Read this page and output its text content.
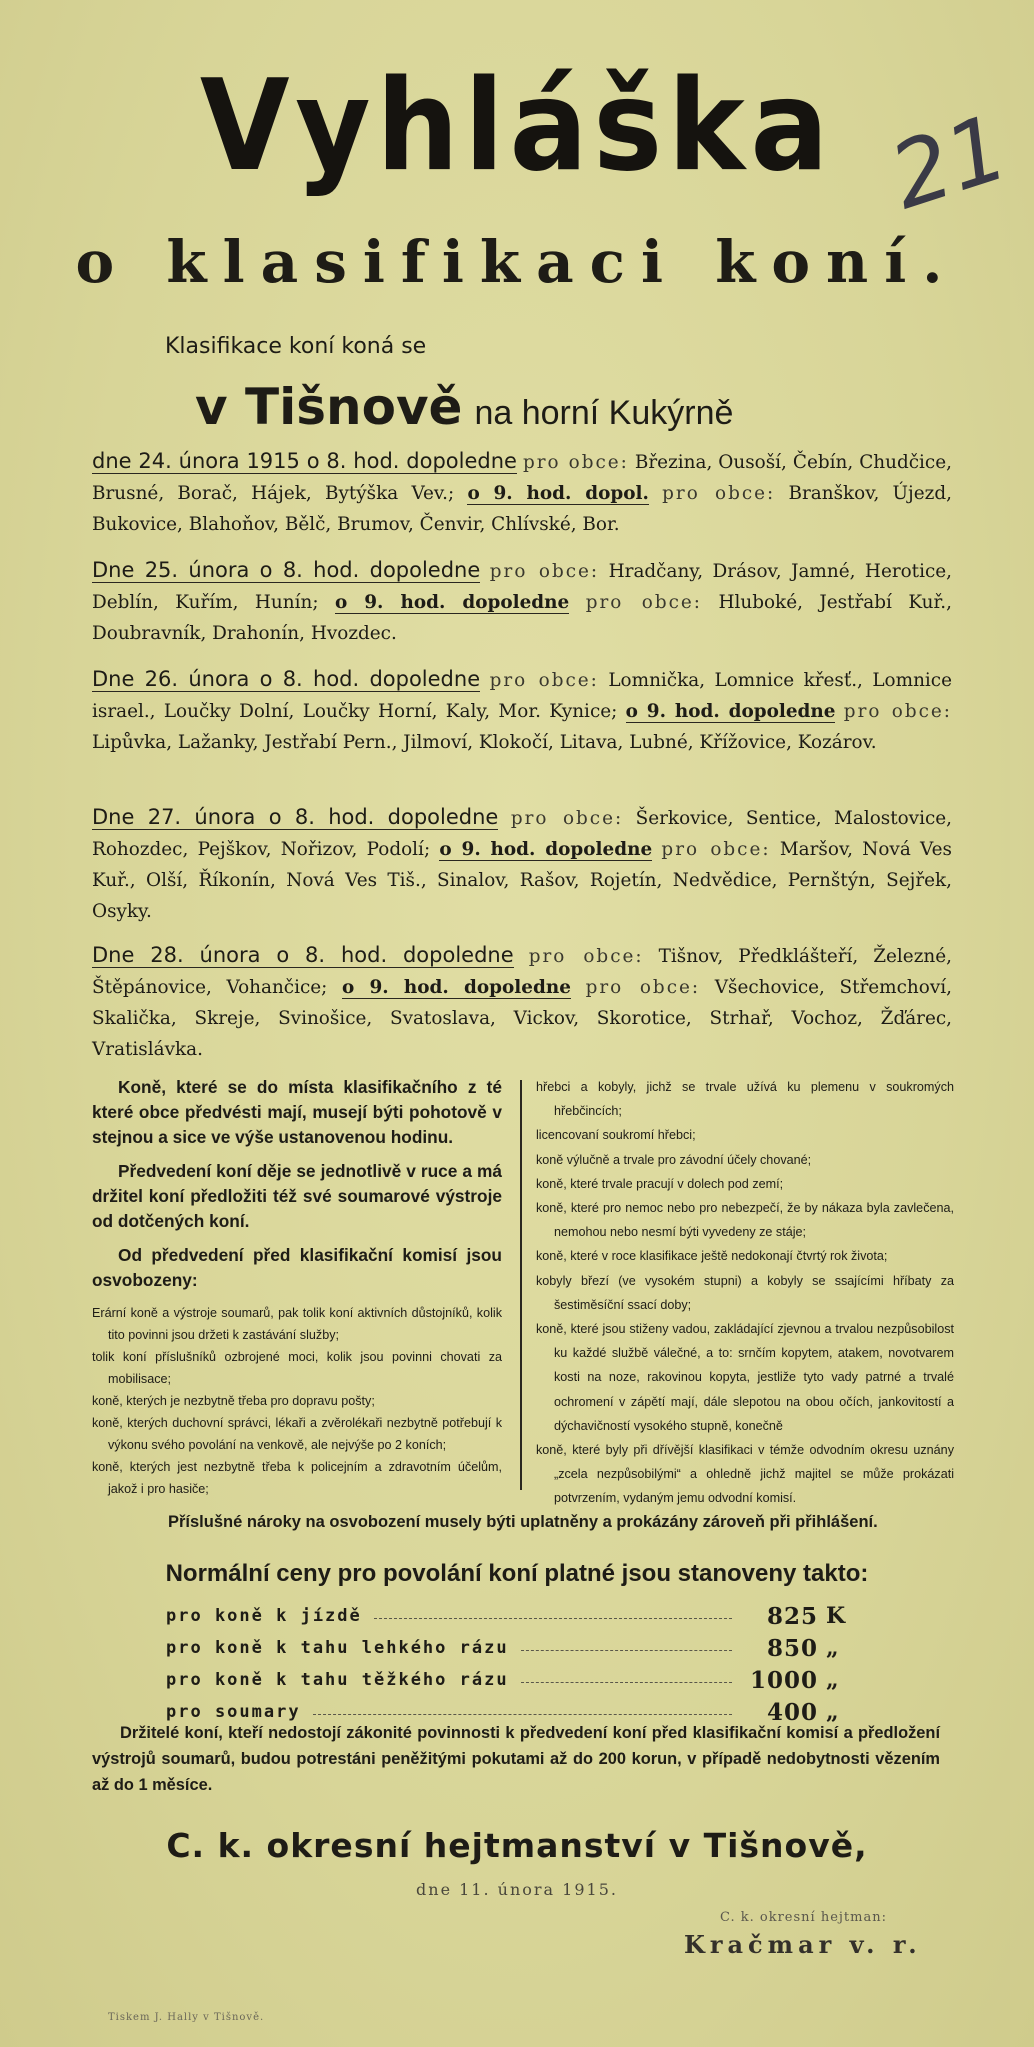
21
Vyhláška
o klasifikaci koní.
Klasifikace koní koná se
v Tišnově na horní Kukýrně
dne 24. února 1915 o 8. hod. dopoledne pro obce: Březina, Ousoší, Čebín, Chudčice, Brusné, Borač, Hájek, Bytýška Vev.; o 9. hod. dopol. pro obce: Branškov, Újezd, Bukovice, Blahoňov, Bělč, Brumov, Čenvir, Chlívské, Bor.
Dne 25. února o 8. hod. dopoledne pro obce: Hradčany, Drásov, Jamné, Herotice, Deblín, Kuřím, Hunín; o 9. hod. dopoledne pro obce: Hluboké, Jestřabí Kuř., Doubravník, Drahonín, Hvozdec.
Dne 26. února o 8. hod. dopoledne pro obce: Lomnička, Lomnice křesť., Lomnice israel., Loučky Dolní, Loučky Horní, Kaly, Mor. Kynice; o 9. hod. dopoledne pro obce: Lipůvka, Lažanky, Jestřabí Pern., Jilmoví, Klokočí, Litava, Lubné, Křížovice, Kozárov.
Dne 27. února o 8. hod. dopoledne pro obce: Šerkovice, Sentice, Malostovice, Rohozdec, Pejškov, Nořizov, Podolí; o 9. hod. dopoledne pro obce: Maršov, Nová Ves Kuř., Olší, Říkonín, Nová Ves Tiš., Sinalov, Rašov, Rojetín, Nedvědice, Pernštýn, Sejřek, Osyky.
Dne 28. února o 8. hod. dopoledne pro obce: Tišnov, Předklášteří, Železné, Štěpánovice, Vohančice; o 9. hod. dopoledne pro obce: Všechovice, Střemchoví, Skalička, Skreje, Svinošice, Svatoslava, Vickov, Skorotice, Strhař, Vochoz, Žďárec, Vratislávka.

Koně, které se do místa klasifikačního z té které obce předvésti mají, musejí býti pohotově v stejnou a sice ve výše ustanovenou hodinu.

Předvedení koní děje se jednotlivě v ruce a má držitel koní předložiti též své soumarové výstroje od dotčených koní.

Od předvedení před klasifikační komisí jsou osvobozeny:

Erární koně a výstroje soumarů, pak tolik koní aktivních důstojníků, kolik tito povinni jsou držeti k zastávání služby;

tolik koní příslušníků ozbrojené moci, kolik jsou povinni chovati za mobilisace;

koně, kterých je nezbytně třeba pro dopravu pošty;

koně, kterých duchovní správci, lékaři a zvěrolékaři nezbytně potřebují k výkonu svého povolání na venkově, ale nejvýše po 2 koních;

koně, kterých jest nezbytně třeba k policejním a zdravotním účelům, jakož i pro hasiče;

hřebci a kobyly, jichž se trvale užívá ku plemenu v soukromých hřebčincích;

licencovaní soukromí hřebci;

koně výlučně a trvale pro závodní účely chované;

koně, které trvale pracují v dolech pod zemí;

koně, které pro nemoc nebo pro nebezpečí, že by nákaza byla zavlečena, nemohou nebo nesmí býti vyvedeny ze stáje;

koně, které v roce klasifikace ještě nedokonají čtvrtý rok života;

kobyly březí (ve vysokém stupni) a kobyly se ssajícími hříbaty za šestiměsíční ssací doby;

koně, které jsou stiženy vadou, zakládající zjevnou a trvalou nezpůsobilost ku každé službě válečné, a to: srnčím kopytem, atakem, novotvarem kosti na noze, rakovinou kopyta, jestliže tyto vady patrné a trvalé ochromení v zápětí mají, dále slepotou na obou očích, jankovitostí a dýchavičností vysokého stupně, konečně

koně, které byly při dřívější klasifikaci v témže odvodním okresu uznány „zcela nezpůsobilými“ a ohledně jichž majitel se může prokázati potvrzením, vydaným jemu odvodní komisí.

Příslušné nároky na osvobození musely býti uplatněny a prokázány zároveň při přihlášení.
Normální ceny pro povolání koní platné jsou stanoveny takto:
pro koně k jízdě	825 K
pro koně k tahu lehkého rázu	850 „
pro koně k tahu těžkého rázu	1000 „
pro soumary	400 „
Držitelé koní, kteří nedostojí zákonité povinnosti k předvedení koní před klasifikační komisí a předložení výstrojů soumarů, budou potrestáni peněžitými pokutami až do 200 korun, v případě nedobytnosti vězením až do 1 měsíce.
C. k. okresní hejtmanství v Tišnově,
dne 11. února 1915.
C. k. okresní hejtman:
Kračmar v. r.
Tiskem J. Hally v Tišnově.
